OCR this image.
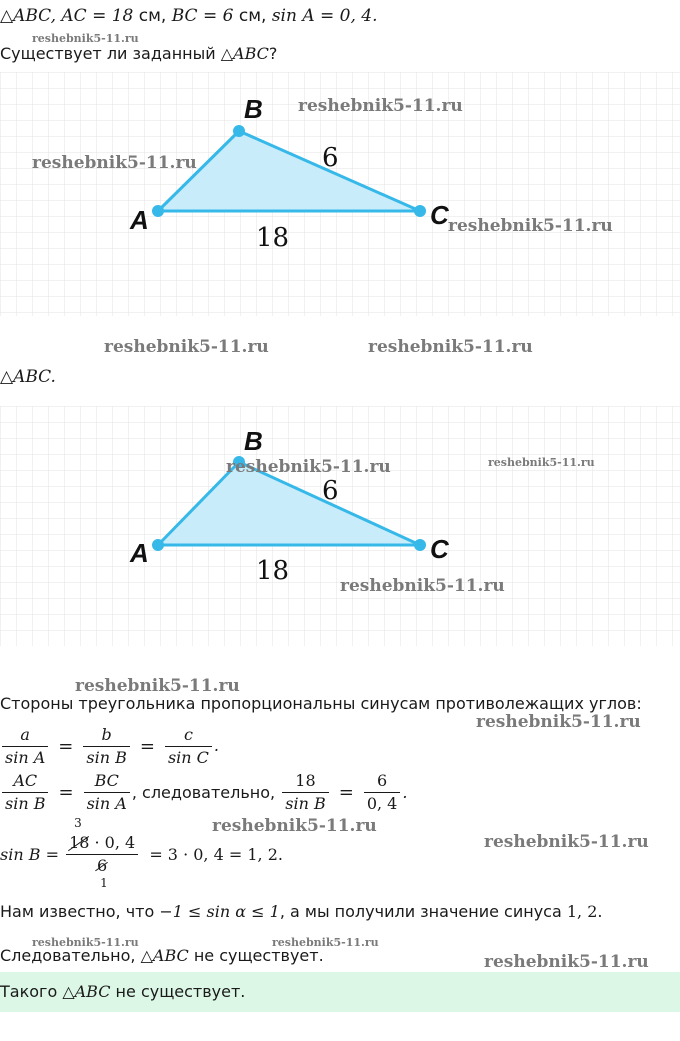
△ABC, AC = 18 см, BC = 6 см, sin A = 0, 4.
Существует ли заданный △ABC?
A
B
C
6
18
△ABC.
A
B
C
6
18
Стороны треугольника пропорциональны синусам противолежащих углов:
$\frac{a}{\text{sin A}} = \frac{b}{\text{sin B}} = \frac{c}{\text{sin C}}$ .
$\frac{AC}{\text{sin B}} = \frac{BC}{\text{sin A}}$ , следовательно, $\frac{18}{\text{sin B}} = \frac{6}{0, 4}$ .
sin B =
3
18 · 0, 4
6
1
= 3 · 0, 4 = 1, 2.
Нам известно, что −1 ≤ sin α ≤ 1, а мы получили значение синуса 1, 2.
Следовательно, △ABC не существует.
Такого △ABC не существует.
reshebnik5-11.ru
reshebnik5-11.ru
reshebnik5-11.ru
reshebnik5-11.ru
reshebnik5-11.ru	reshebnik5-11.ru
reshebnik5-11.ru	reshebnik5-11.ru
reshebnik5-11.ru
reshebnik5-11.ru
reshebnik5-11.ru
reshebnik5-11.ru
reshebnik5-11.ru
reshebnik5-11.ru	reshebnik5-11.ru
reshebnik5-11.ru
